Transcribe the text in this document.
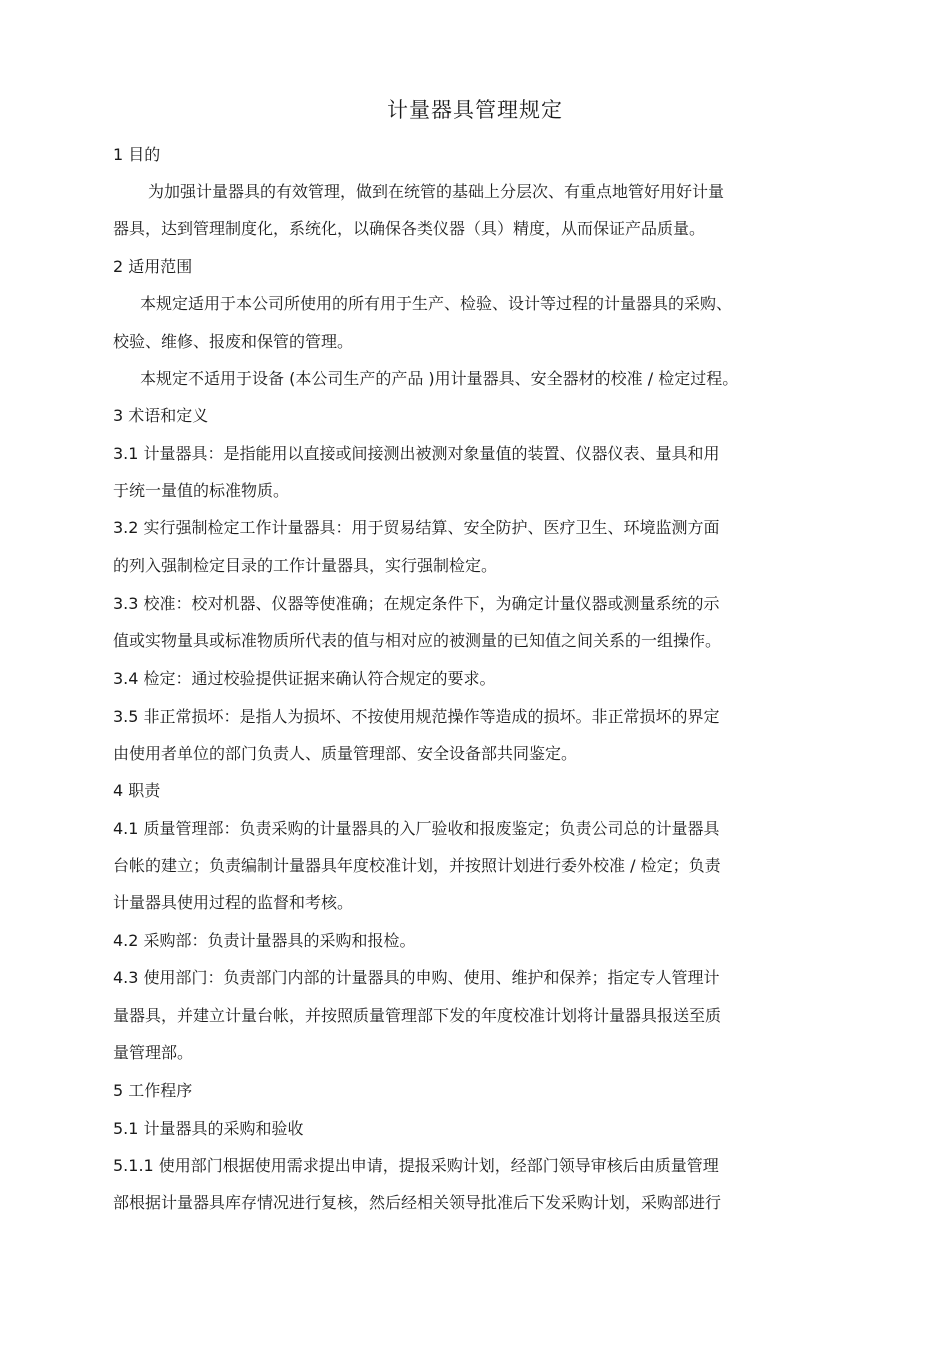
计量器具管理规定
1 目的
为加强计量器具的有效管理，做到在统管的基础上分层次、有重点地管好用好计量
器具，达到管理制度化，系统化，以确保各类仪器（具）精度，从而保证产品质量。
2 适用范围
本规定适用于本公司所使用的所有用于生产、检验、设计等过程的计量器具的采购、
校验、维修、报废和保管的管理。
本规定不适用于设备 (本公司生产的产品 )用计量器具、安全器材的校准 / 检定过程。
3 术语和定义
3.1 计量器具：是指能用以直接或间接测出被测对象量值的装置、仪器仪表、量具和用
于统一量值的标准物质。
3.2 实行强制检定工作计量器具：用于贸易结算、安全防护、医疗卫生、环境监测方面
的列入强制检定目录的工作计量器具，实行强制检定。
3.3 校准：校对机器、仪器等使准确；在规定条件下，为确定计量仪器或测量系统的示
值或实物量具或标准物质所代表的值与相对应的被测量的已知值之间关系的一组操作。
3.4 检定：通过校验提供证据来确认符合规定的要求。
3.5 非正常损坏：是指人为损坏、不按使用规范操作等造成的损坏。非正常损坏的界定
由使用者单位的部门负责人、质量管理部、安全设备部共同鉴定。
4 职责
4.1 质量管理部：负责采购的计量器具的入厂验收和报废鉴定；负责公司总的计量器具
台帐的建立；负责编制计量器具年度校准计划，并按照计划进行委外校准 / 检定；负责
计量器具使用过程的监督和考核。
4.2 采购部：负责计量器具的采购和报检。
4.3 使用部门：负责部门内部的计量器具的申购、使用、维护和保养；指定专人管理计
量器具，并建立计量台帐，并按照质量管理部下发的年度校准计划将计量器具报送至质
量管理部。
5 工作程序
5.1 计量器具的采购和验收
5.1.1 使用部门根据使用需求提出申请，提报采购计划，经部门领导审核后由质量管理
部根据计量器具库存情况进行复核，然后经相关领导批准后下发采购计划，采购部进行
